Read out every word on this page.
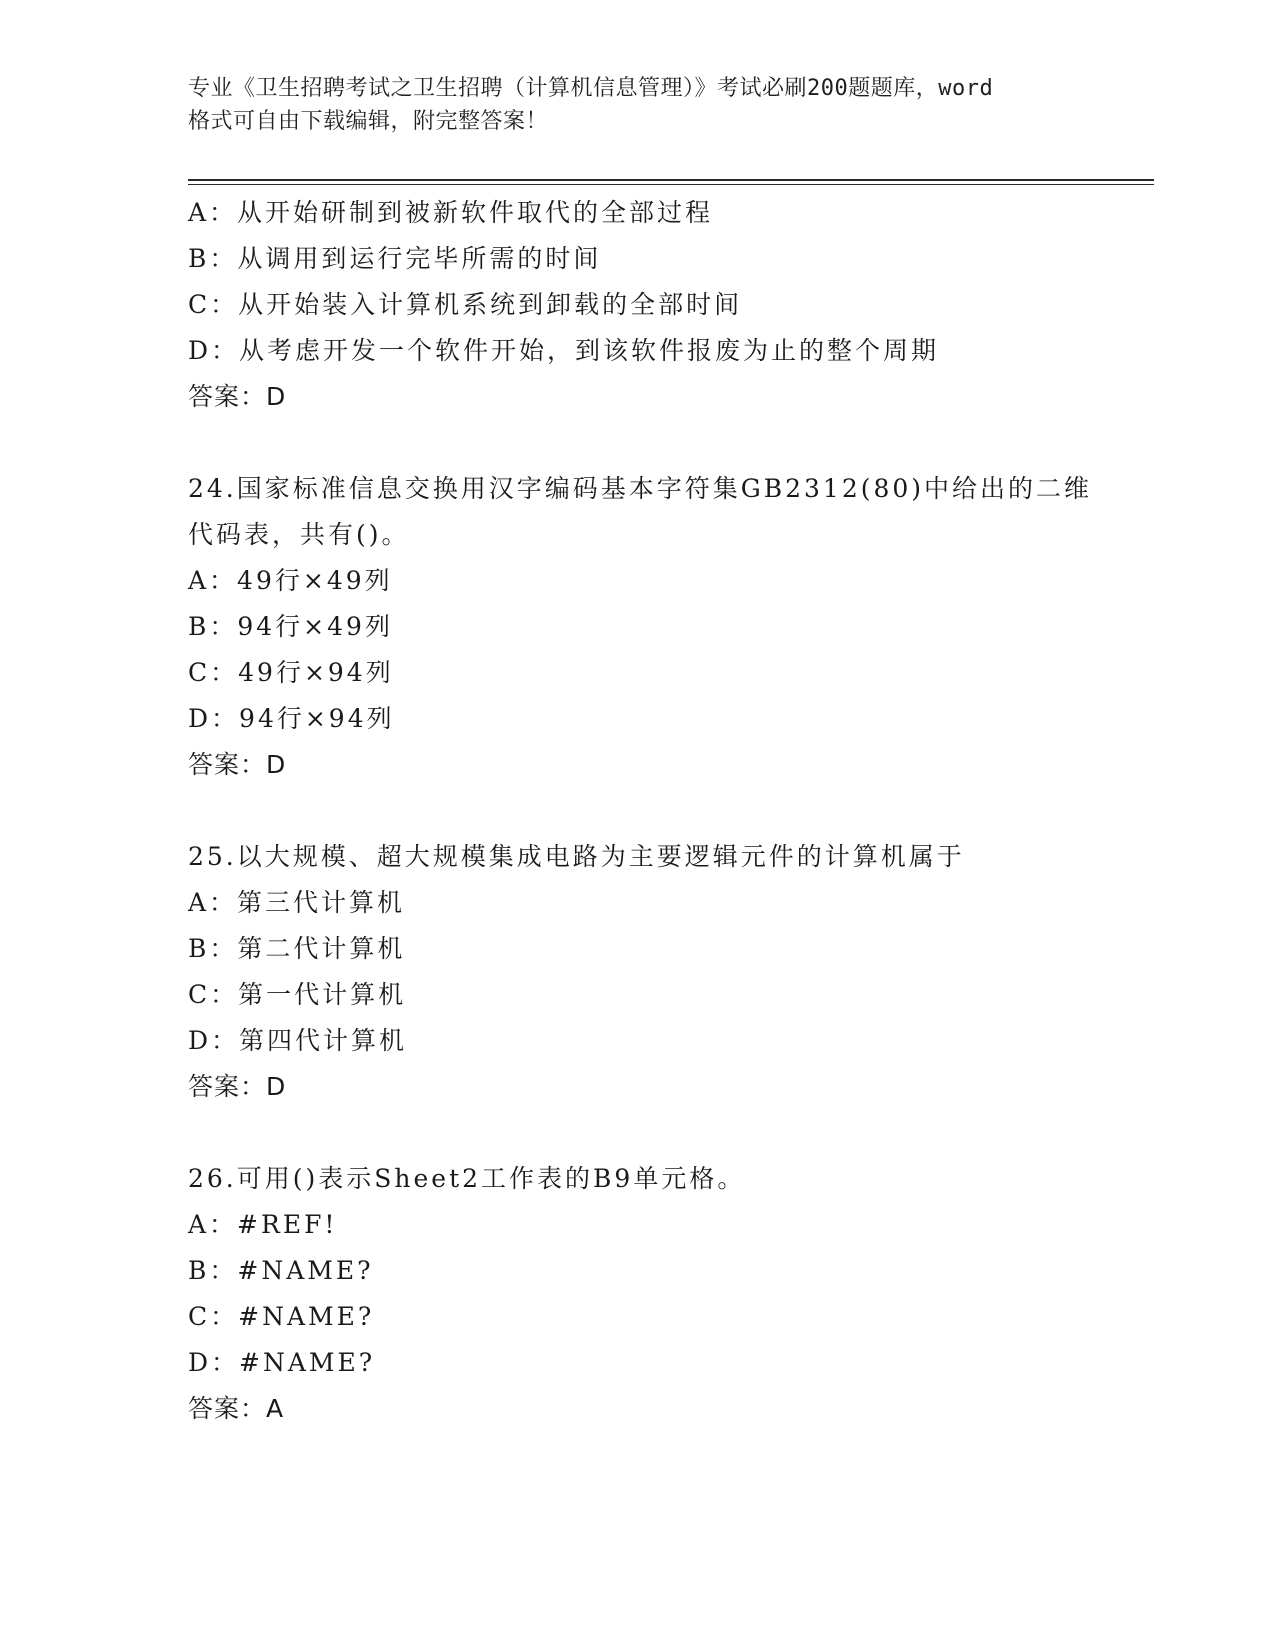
专业《卫生招聘考试之卫生招聘（计算机信息管理）》考试必刷200题题库，word
格式可自由下载编辑，附完整答案！
A：从开始研制到被新软件取代的全部过程
B：从调用到运行完毕所需的时间
C：从开始装入计算机系统到卸载的全部时间
D：从考虑开发一个软件开始，到该软件报废为止的整个周期
答案：D
24.国家标准信息交换用汉字编码基本字符集GB2312(80)中给出的二维
代码表，共有()。
A：49行×49列
B：94行×49列
C：49行×94列
D：94行×94列
答案：D
25.以大规模、超大规模集成电路为主要逻辑元件的计算机属于
A：第三代计算机
B：第二代计算机
C：第一代计算机
D：第四代计算机
答案：D
26.可用()表示Sheet2工作表的B9单元格。
A：#REF!
B：#NAME?
C：#NAME?
D：#NAME?
答案：A
